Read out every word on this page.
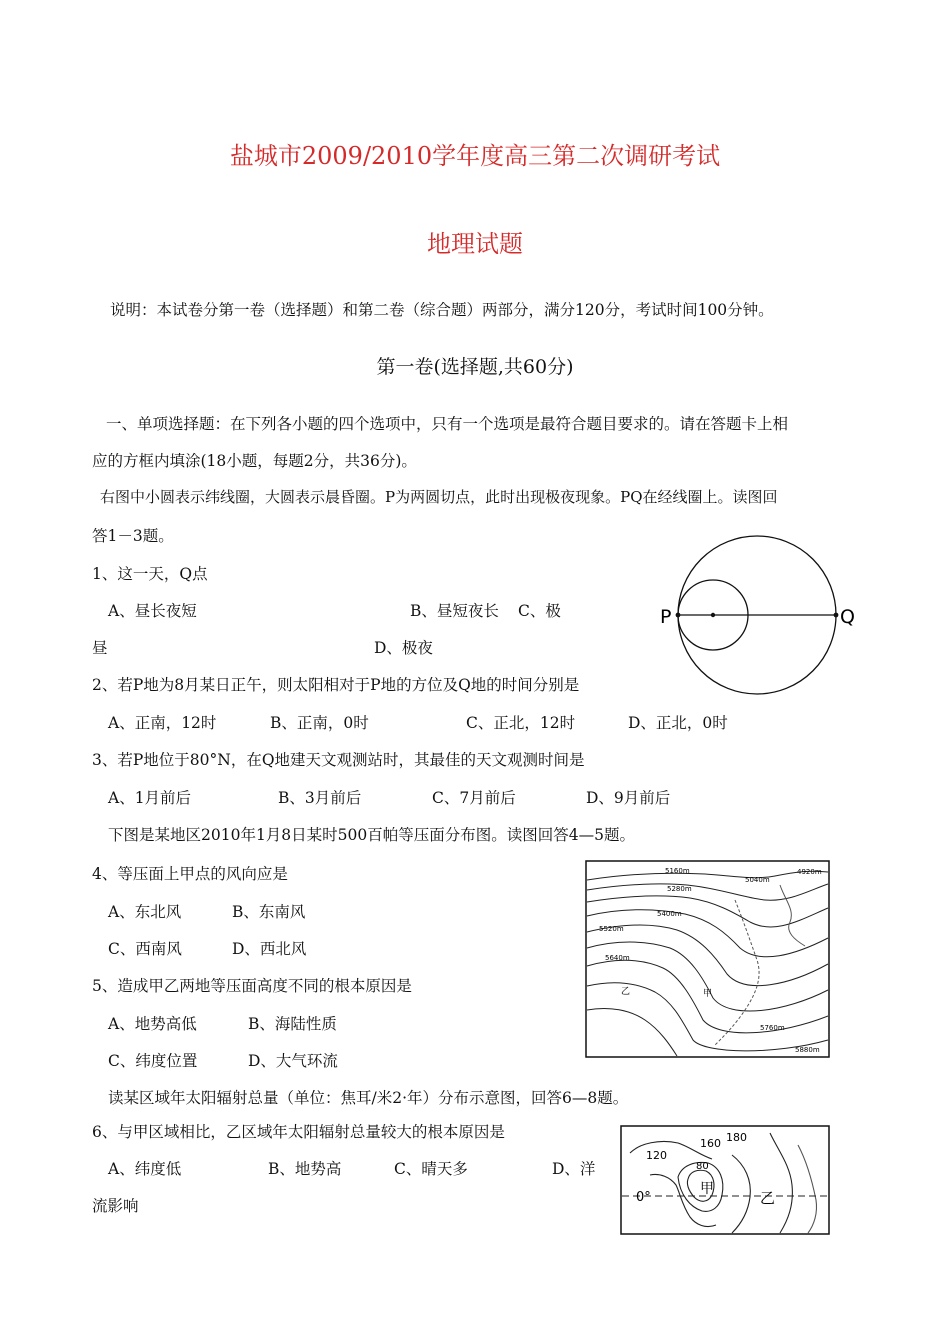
盐城市2009/2010学年度高三第二次调研考试
地理试题
说明：本试卷分第一卷（选择题）和第二卷（综合题）两部分，满分120分，考试时间100分钟。
第一卷(选择题,共60分)
一、单项选择题：在下列各小题的四个选项中，只有一个选项是最符合题目要求的。请在答题卡上相
应的方框内填涂(18小题，每题2分，共36分)。
右图中小圆表示纬线圈，大圆表示晨昏圈。P为两圆切点，此时出现极夜现象。PQ在经线圈上。读图回
答1－3题。
1、这一天，Q点
A、昼长夜短	B、昼短夜长 C、极
昼	D、极夜
P	Q
2、若P地为8月某日正午，则太阳相对于P地的方位及Q地的时间分别是
A、正南，12时	B、正南，0时	C、正北，12时	D、正北，0时
3、若P地位于80°N，在Q地建天文观测站时，其最佳的天文观测时间是
A、1月前后	B、3月前后	C、7月前后	D、9月前后
下图是某地区2010年1月8日某时500百帕等压面分布图。读图回答4—5题。
4、等压面上甲点的风向应是
A、东北风	B、东南风
C、西南风	D、西北风
5、造成甲乙两地等压面高度不同的根本原因是
A、地势高低	B、海陆性质
C、纬度位置	D、大气环流
5160m
5040m
4920m
5280m
5400m
5520m
5640m
5760m
5880m
甲
乙
读某区域年太阳辐射总量（单位：焦耳/米2·年）分布示意图，回答6—8题。
6、与甲区域相比，乙区域年太阳辐射总量较大的根本原因是
A、纬度低	B、地势高	C、晴天多	D、洋
流影响
160 180
120
80
0°
甲	乙
